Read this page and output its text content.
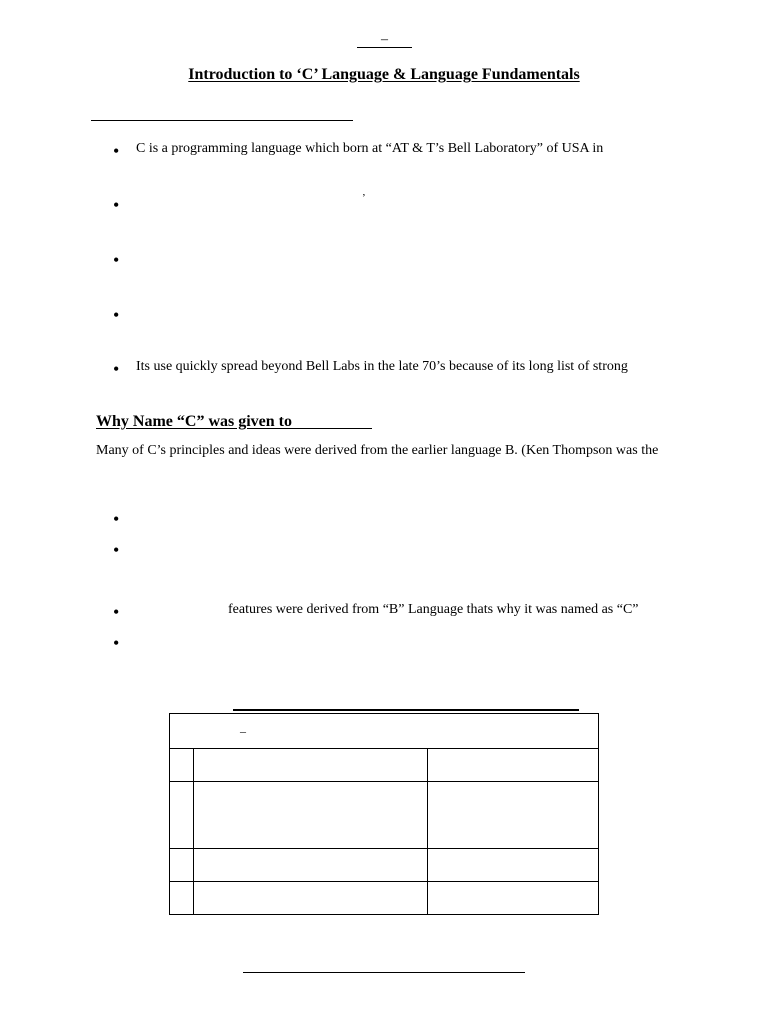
–
Introduction to ‘C’ Language & Language Fundamentals
• C is a programming language which born at “AT & T’s Bell Laboratory” of USA in
•	’
•
•
• Its use quickly spread beyond Bell Labs in the late 70’s because of its long list of strong
Why Name “C” was given to
Many of C’s principles and ideas were derived from the earlier language B. (Ken Thompson was the
•
•
•	features were derived from “B” Language thats why it was named as “C”
•
–		
